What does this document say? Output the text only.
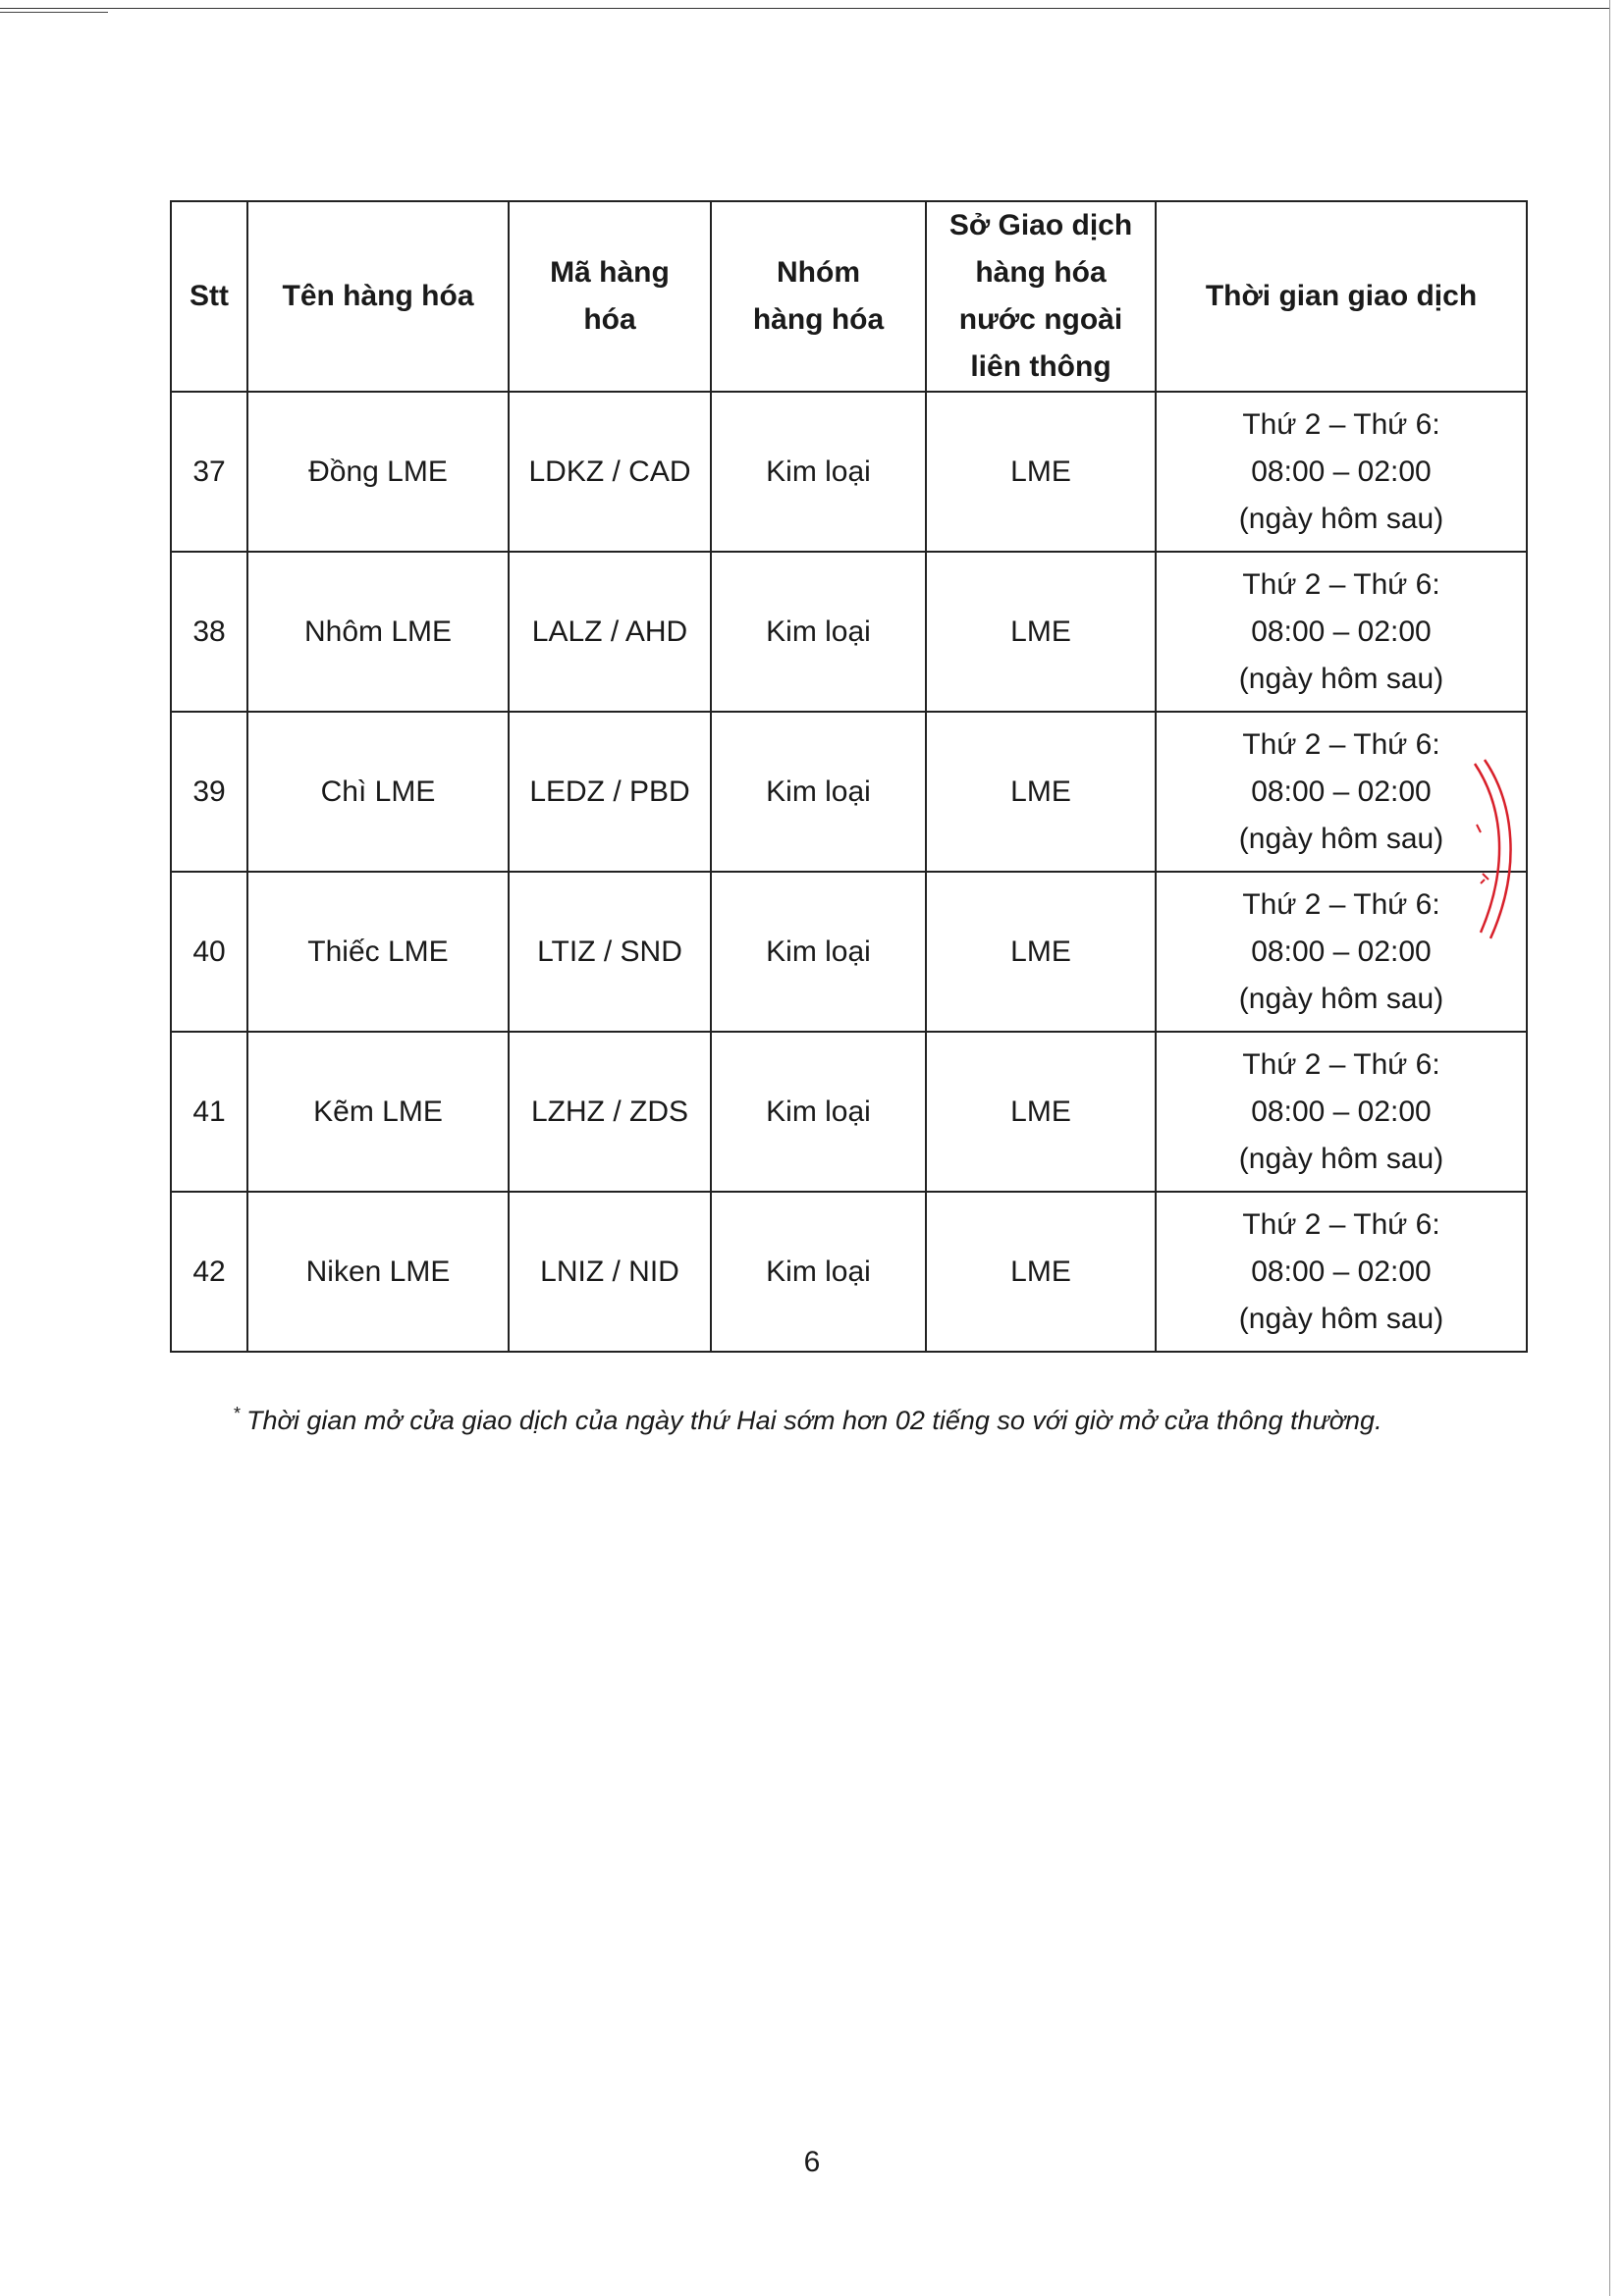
Stt	Tên hàng hóa	Mã hàng hóa	Nhóm hàng hóa	Sở Giao dịch hàng hóa nước ngoài liên thông	Thời gian giao dịch
37	Đồng LME	LDKZ / CAD	Kim loại	LME	Thứ 2 – Thứ 6:
08:00 – 02:00
(ngày hôm sau)

38	Nhôm LME	LALZ / AHD	Kim loại	LME	Thứ 2 – Thứ 6:
08:00 – 02:00
(ngày hôm sau)

39	Chì LME	LEDZ / PBD	Kim loại	LME	Thứ 2 – Thứ 6:
08:00 – 02:00
(ngày hôm sau)

40	Thiếc LME	LTIZ / SND	Kim loại	LME	Thứ 2 – Thứ 6:
08:00 – 02:00
(ngày hôm sau)

41	Kẽm LME	LZHZ / ZDS	Kim loại	LME	Thứ 2 – Thứ 6:
08:00 – 02:00
(ngày hôm sau)

42	Niken LME	LNIZ / NID	Kim loại	LME	Thứ 2 – Thứ 6:
08:00 – 02:00
(ngày hôm sau)
* Thời gian mở cửa giao dịch của ngày thứ Hai sớm hơn 02 tiếng so với giờ mở cửa thông thường.
6
